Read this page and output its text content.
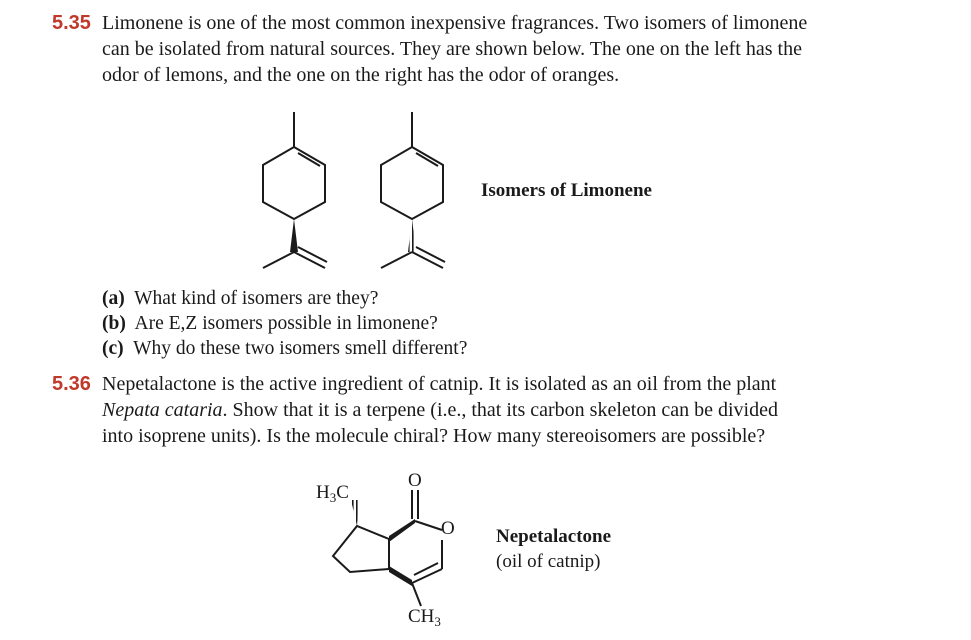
5.35 Limonene is one of the most common inexpensive fragrances. Two isomers of limonene

can be isolated from natural sources. They are shown below. The one on the left has the

odor of lemons, and the one on the right has the odor of oranges.

$H_3C$
O
O
$CH_3$
Isomers of Limonene
(a) What kind of isomers are they?
(b) Are E,Z isomers possible in limonene?
(c) Why do these two isomers smell different?
5.36 Nepetalactone is the active ingredient of catnip. It is isolated as an oil from the plant

Nepata cataria. Show that it is a terpene (i.e., that its carbon skeleton can be divided

into isoprene units). Is the molecule chiral? How many stereoisomers are possible?

Nepetalactone
(oil of catnip)
